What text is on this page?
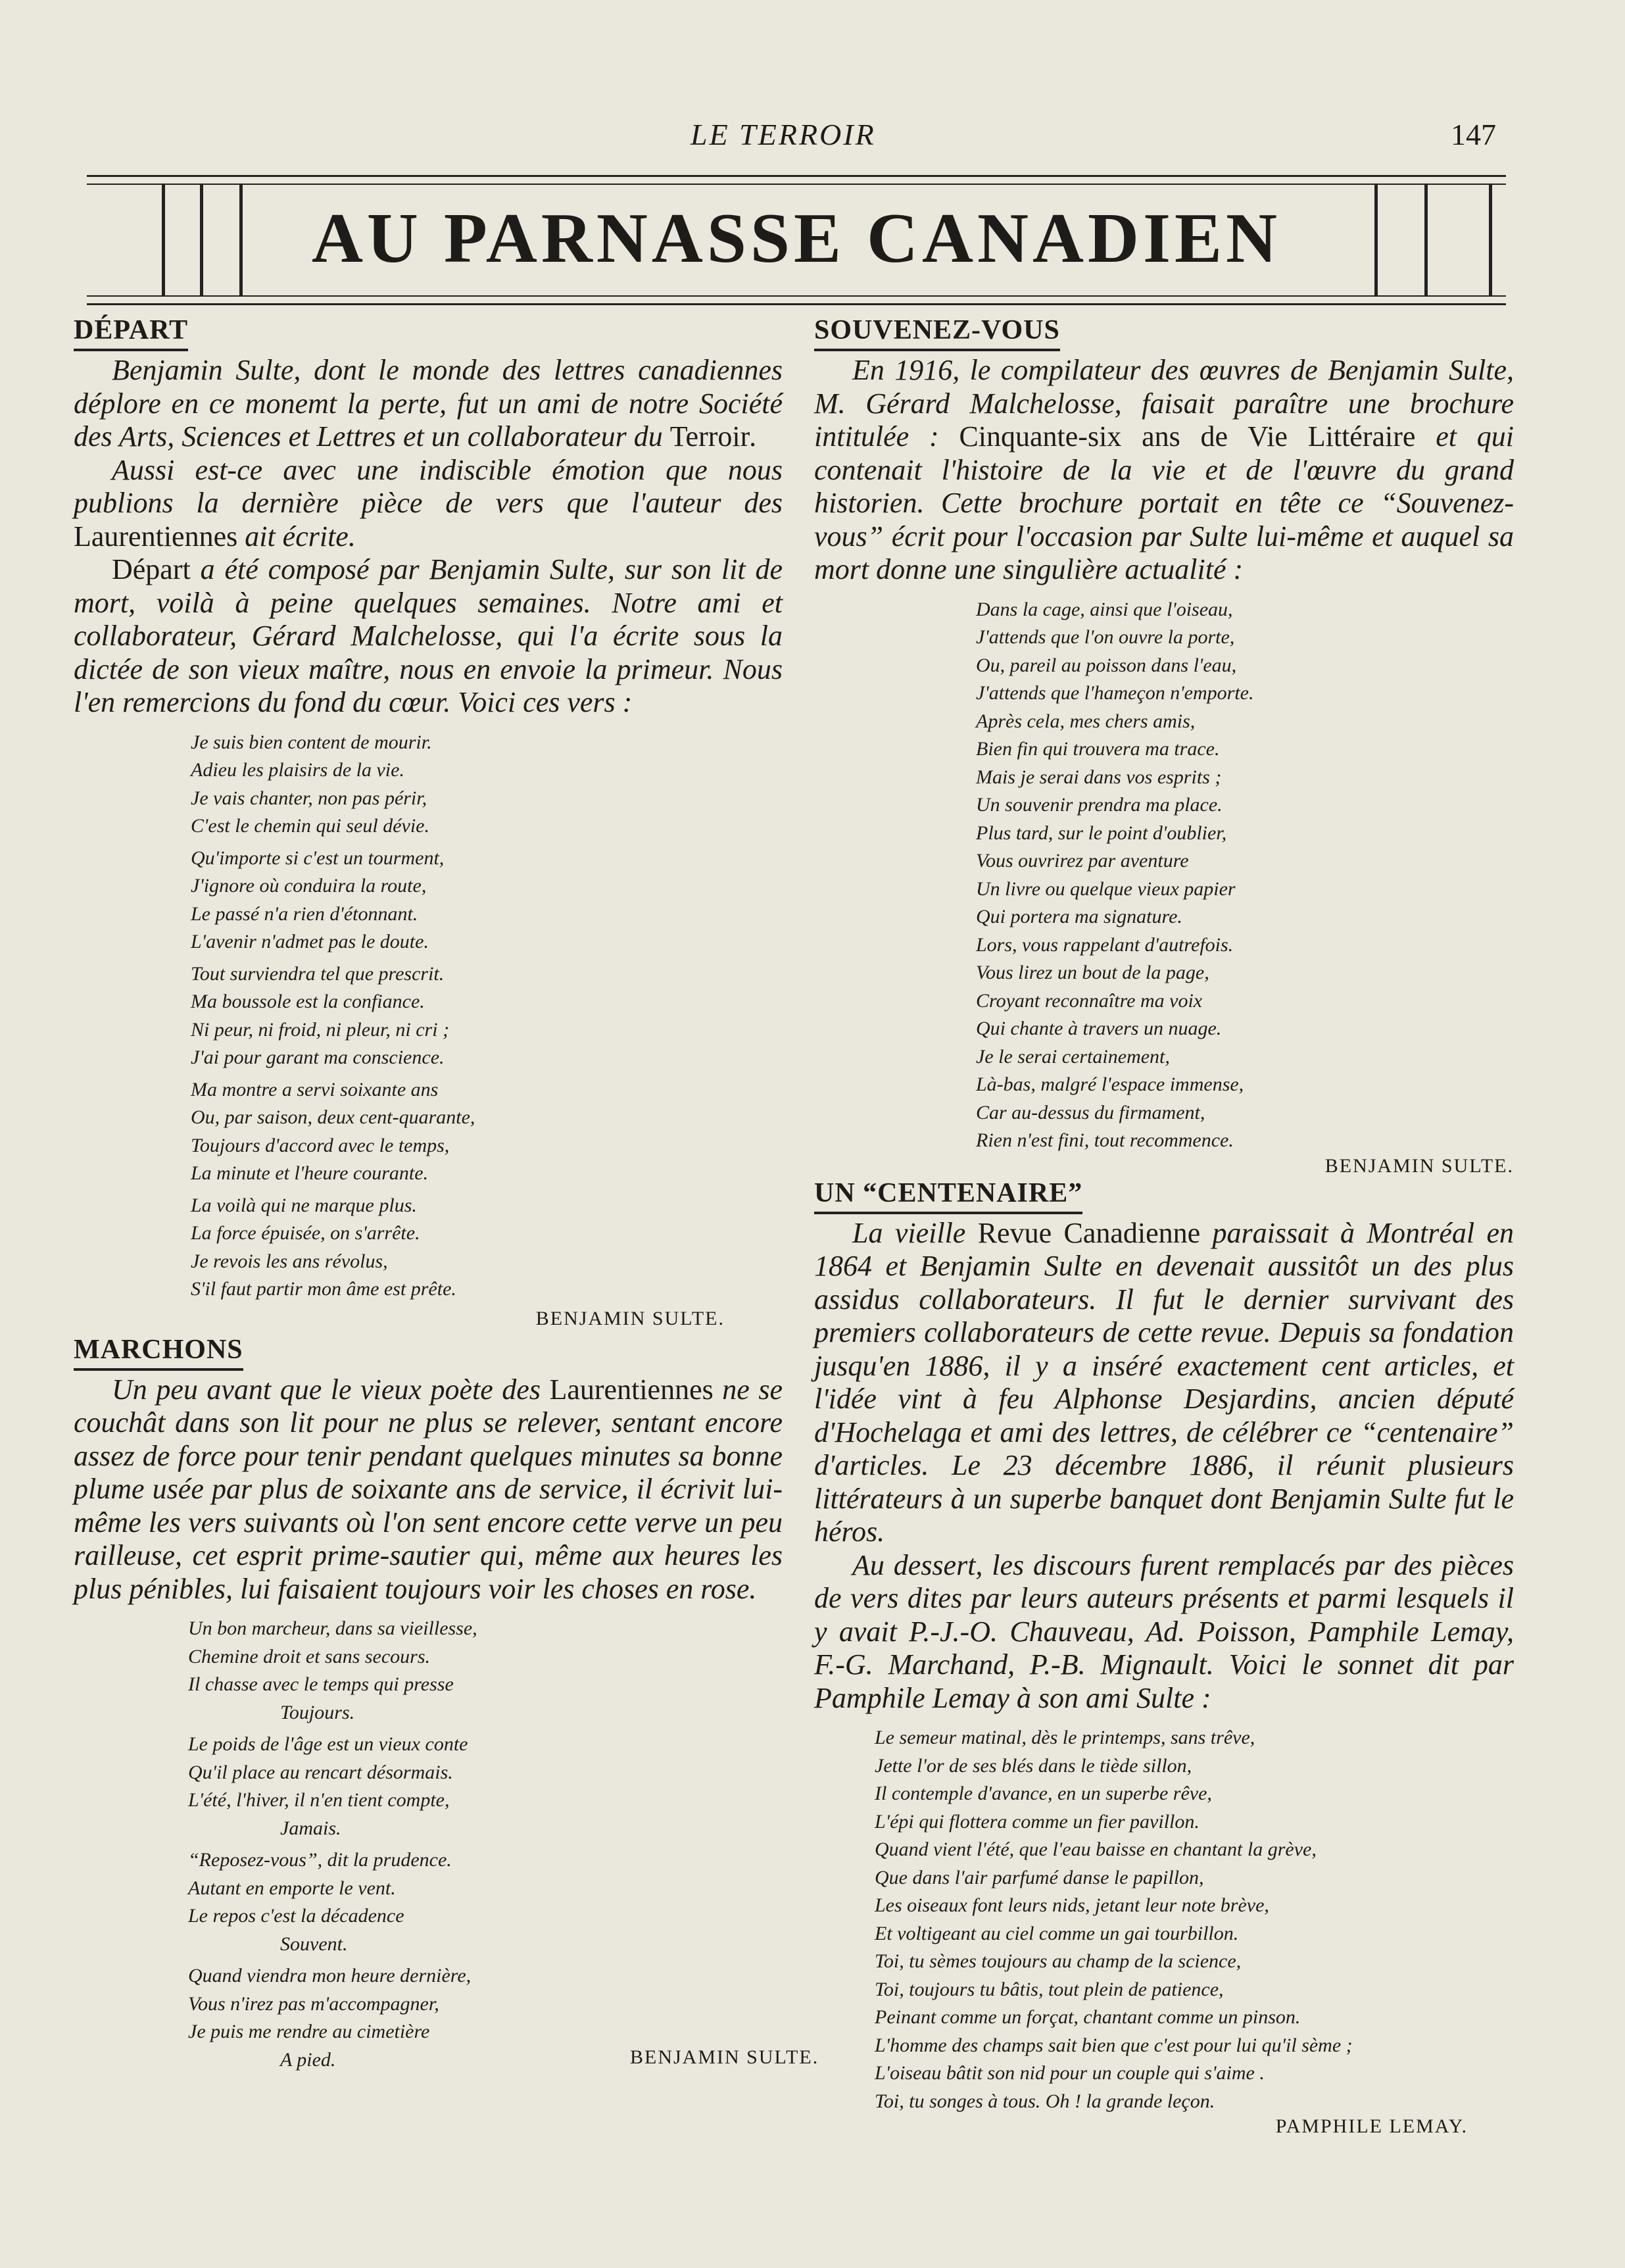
LE TERROIR	147
AU PARNASSE CANADIEN
DÉPART

Benjamin Sulte, dont le monde des lettres canadiennes déplore en ce monemt la perte, fut un ami de notre Société des Arts, Sciences et Lettres et un collaborateur du Terroir.

Aussi est-ce avec une indiscible émotion que nous publions la dernière pièce de vers que l'auteur des Laurentiennes ait écrite.

Départ a été composé par Benjamin Sulte, sur son lit de mort, voilà à peine quelques semaines. Notre ami et collaborateur, Gérard Malchelosse, qui l'a écrite sous la dictée de son vieux maître, nous en envoie la primeur. Nous l'en remercions du fond du cœur. Voici ces vers :

Je suis bien content de mourir.
Adieu les plaisirs de la vie.
Je vais chanter, non pas périr,
C'est le chemin qui seul dévie.
Qu'importe si c'est un tourment,
J'ignore où conduira la route,
Le passé n'a rien d'étonnant.
L'avenir n'admet pas le doute.
Tout surviendra tel que prescrit.
Ma boussole est la confiance.
Ni peur, ni froid, ni pleur, ni cri ;
J'ai pour garant ma conscience.
Ma montre a servi soixante ans
Ou, par saison, deux cent-quarante,
Toujours d'accord avec le temps,
La minute et l'heure courante.
La voilà qui ne marque plus.
La force épuisée, on s'arrête.
Je revois les ans révolus,
S'il faut partir mon âme est prête.
BENJAMIN SULTE.
MARCHONS

Un peu avant que le vieux poète des Laurentiennes ne se couchât dans son lit pour ne plus se relever, sentant encore assez de force pour tenir pendant quelques minutes sa bonne plume usée par plus de soixante ans de service, il écrivit lui-même les vers suivants où l'on sent encore cette verve un peu railleuse, cet esprit prime-sautier qui, même aux heures les plus pénibles, lui faisaient toujours voir les choses en rose.

Un bon marcheur, dans sa vieillesse,
Chemine droit et sans secours.
Il chasse avec le temps qui presse
Toujours.
Le poids de l'âge est un vieux conte
Qu'il place au rencart désormais.
L'été, l'hiver, il n'en tient compte,
Jamais.
“Reposez-vous”, dit la prudence.
Autant en emporte le vent.
Le repos c'est la décadence
Souvent.
Quand viendra mon heure dernière,
Vous n'irez pas m'accompagner,
Je puis me rendre au cimetière
A pied.	BENJAMIN SULTE.
SOUVENEZ-VOUS

En 1916, le compilateur des œuvres de Benjamin Sulte, M. Gérard Malchelosse, faisait paraître une brochure intitulée : Cinquante-six ans de Vie Littéraire et qui contenait l'histoire de la vie et de l'œuvre du grand historien. Cette brochure portait en tête ce “Souvenez-vous” écrit pour l'occasion par Sulte lui-même et auquel sa mort donne une singulière actualité :

Dans la cage, ainsi que l'oiseau,
J'attends que l'on ouvre la porte,
Ou, pareil au poisson dans l'eau,
J'attends que l'hameçon n'emporte.
Après cela, mes chers amis,
Bien fin qui trouvera ma trace.
Mais je serai dans vos esprits ;
Un souvenir prendra ma place.
Plus tard, sur le point d'oublier,
Vous ouvrirez par aventure
Un livre ou quelque vieux papier
Qui portera ma signature.
Lors, vous rappelant d'autrefois.
Vous lirez un bout de la page,
Croyant reconnaître ma voix
Qui chante à travers un nuage.
Je le serai certainement,
Là-bas, malgré l'espace immense,
Car au-dessus du firmament,
Rien n'est fini, tout recommence.
BENJAMIN SULTE.
UN “CENTENAIRE”

La vieille Revue Canadienne paraissait à Montréal en 1864 et Benjamin Sulte en devenait aussitôt un des plus assidus collaborateurs. Il fut le dernier survivant des premiers collaborateurs de cette revue. Depuis sa fondation jusqu'en 1886, il y a inséré exactement cent articles, et l'idée vint à feu Alphonse Desjardins, ancien député d'Hochelaga et ami des lettres, de célébrer ce “centenaire” d'articles. Le 23 décembre 1886, il réunit plusieurs littérateurs à un superbe banquet dont Benjamin Sulte fut le héros.

Au dessert, les discours furent remplacés par des pièces de vers dites par leurs auteurs présents et parmi lesquels il y avait P.-J.-O. Chauveau, Ad. Poisson, Pamphile Lemay, F.-G. Marchand, P.-B. Mignault. Voici le sonnet dit par Pamphile Lemay à son ami Sulte :

Le semeur matinal, dès le printemps, sans trêve,
Jette l'or de ses blés dans le tiède sillon,
Il contemple d'avance, en un superbe rêve,
L'épi qui flottera comme un fier pavillon.
Quand vient l'été, que l'eau baisse en chantant la grève,
Que dans l'air parfumé danse le papillon,
Les oiseaux font leurs nids, jetant leur note brève,
Et voltigeant au ciel comme un gai tourbillon.
Toi, tu sèmes toujours au champ de la science,
Toi, toujours tu bâtis, tout plein de patience,
Peinant comme un forçat, chantant comme un pinson.
L'homme des champs sait bien que c'est pour lui qu'il sème ;
L'oiseau bâtit son nid pour un couple qui s'aime .
Toi, tu songes à tous. Oh ! la grande leçon.
PAMPHILE LEMAY.
